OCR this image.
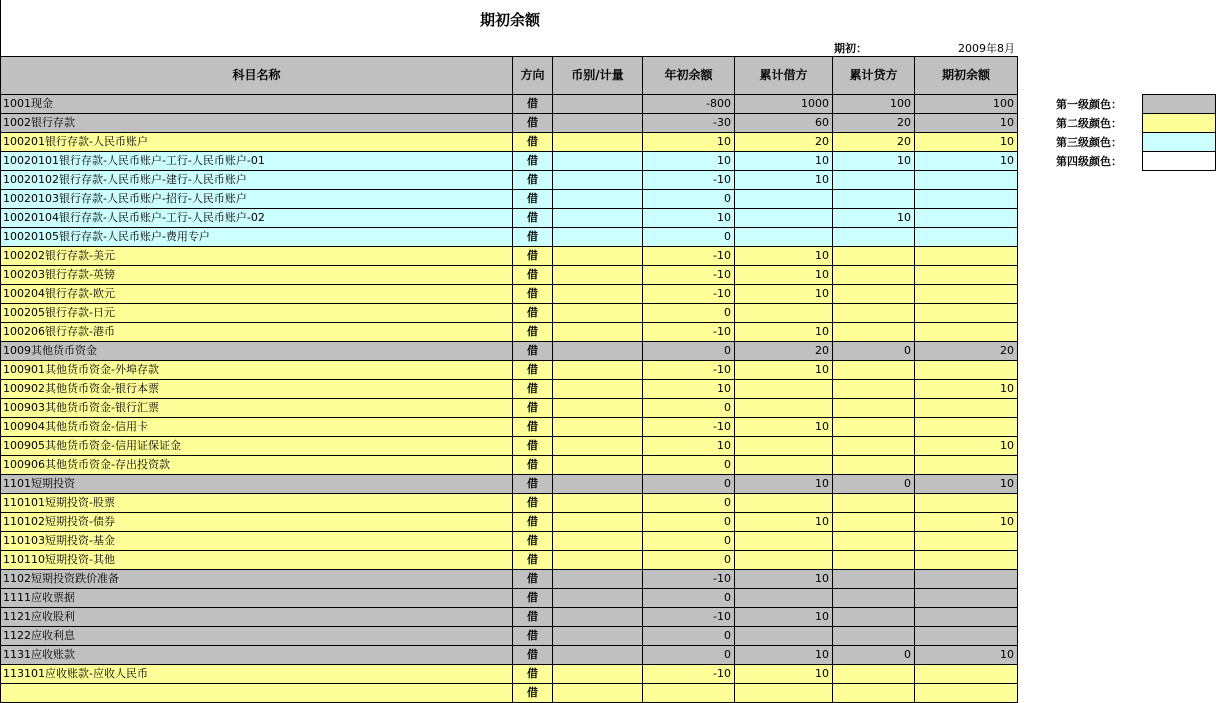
期初余额
期初：	2009年8月
科目名称	方向	币别/计量	年初余额	累计借方	累计贷方	期初余额
1001现金	借		-800	1000	100	100
1002银行存款	借		-30	60	20	10
100201银行存款-人民币账户	借		10	20	20	10
10020101银行存款-人民币账户-工行-人民币账户-01	借		10	10	10	10
10020102银行存款-人民币账户-建行-人民币账户	借		-10	10		
10020103银行存款-人民币账户-招行-人民币账户	借		0			
10020104银行存款-人民币账户-工行-人民币账户-02	借		10		10	
10020105银行存款-人民币账户-费用专户	借		0			
100202银行存款-美元	借		-10	10		
100203银行存款-英镑	借		-10	10		
100204银行存款-欧元	借		-10	10		
100205银行存款-日元	借		0			
100206银行存款-港币	借		-10	10		
1009其他货币资金	借		0	20	0	20
100901其他货币资金-外埠存款	借		-10	10		
100902其他货币资金-银行本票	借		10			10
100903其他货币资金-银行汇票	借		0			
100904其他货币资金-信用卡	借		-10	10		
100905其他货币资金-信用证保证金	借		10			10
100906其他货币资金-存出投资款	借		0			
1101短期投资	借		0	10	0	10
110101短期投资-股票	借		0			
110102短期投资-债券	借		0	10		10
110103短期投资-基金	借		0			
110110短期投资-其他	借		0			
1102短期投资跌价准备	借		-10	10		
1111应收票据	借		0			
1121应收股利	借		-10	10		
1122应收利息	借		0			
1131应收账款	借		0	10	0	10
113101应收账款-应收人民币	借		-10	10		
	借					
第一级颜色：
第二级颜色：
第三级颜色：
第四级颜色：
